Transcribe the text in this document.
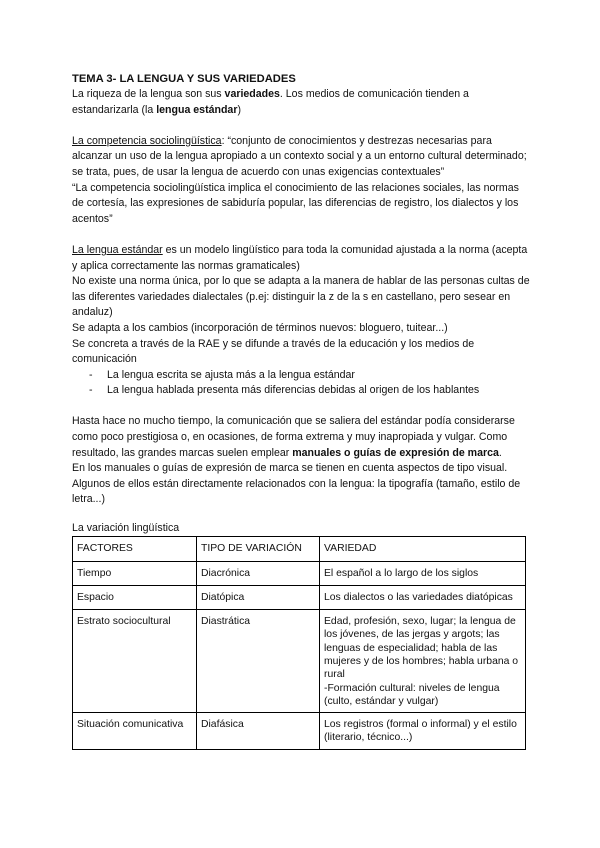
TEMA 3- LA LENGUA Y SUS VARIEDADES

La riqueza de la lengua son sus variedades. Los medios de comunicación tienden a estandarizarla (la lengua estándar)

La competencia sociolingüística: “conjunto de conocimientos y destrezas necesarias para alcanzar un uso de la lengua apropiado a un contexto social y a un entorno cultural determinado; se trata, pues, de usar la lengua de acuerdo con unas exigencias contextuales”

“La competencia sociolingüística implica el conocimiento de las relaciones sociales, las normas de cortesía, las expresiones de sabiduría popular, las diferencias de registro, los dialectos y los acentos”

La lengua estándar es un modelo lingüístico para toda la comunidad ajustada a la norma (acepta y aplica correctamente las normas gramaticales)

No existe una norma única, por lo que se adapta a la manera de hablar de las personas cultas de las diferentes variedades dialectales (p.ej: distinguir la z de la s en castellano, pero sesear en andaluz)

Se adapta a los cambios (incorporación de términos nuevos: bloguero, tuitear...)

Se concreta a través de la RAE y se difunde a través de la educación y los medios de comunicación

- La lengua escrita se ajusta más a la lengua estándar
- La lengua hablada presenta más diferencias debidas al origen de los hablantes

Hasta hace no mucho tiempo, la comunicación que se saliera del estándar podía considerarse como poco prestigiosa o, en ocasiones, de forma extrema y muy inapropiada y vulgar. Como resultado, las grandes marcas suelen emplear manuales o guías de expresión de marca.

En los manuales o guías de expresión de marca se tienen en cuenta aspectos de tipo visual. Algunos de ellos están directamente relacionados con la lengua: la tipografía (tamaño, estilo de letra...)

La variación lingüística
FACTORES	TIPO DE VARIACIÓN	VARIEDAD
Tiempo	Diacrónica	El español a lo largo de los siglos
Espacio	Diatópica	Los dialectos o las variedades diatópicas
Estrato sociocultural	Diastrática	Edad, profesión, sexo, lugar; la lengua de los jóvenes, de las jergas y argots; las lenguas de especialidad; habla de las mujeres y de los hombres; habla urbana o rural
-Formación cultural: niveles de lengua (culto, estándar y vulgar)

Situación comunicativa	Diafásica	Los registros (formal o informal) y el estilo (literario, técnico...)
